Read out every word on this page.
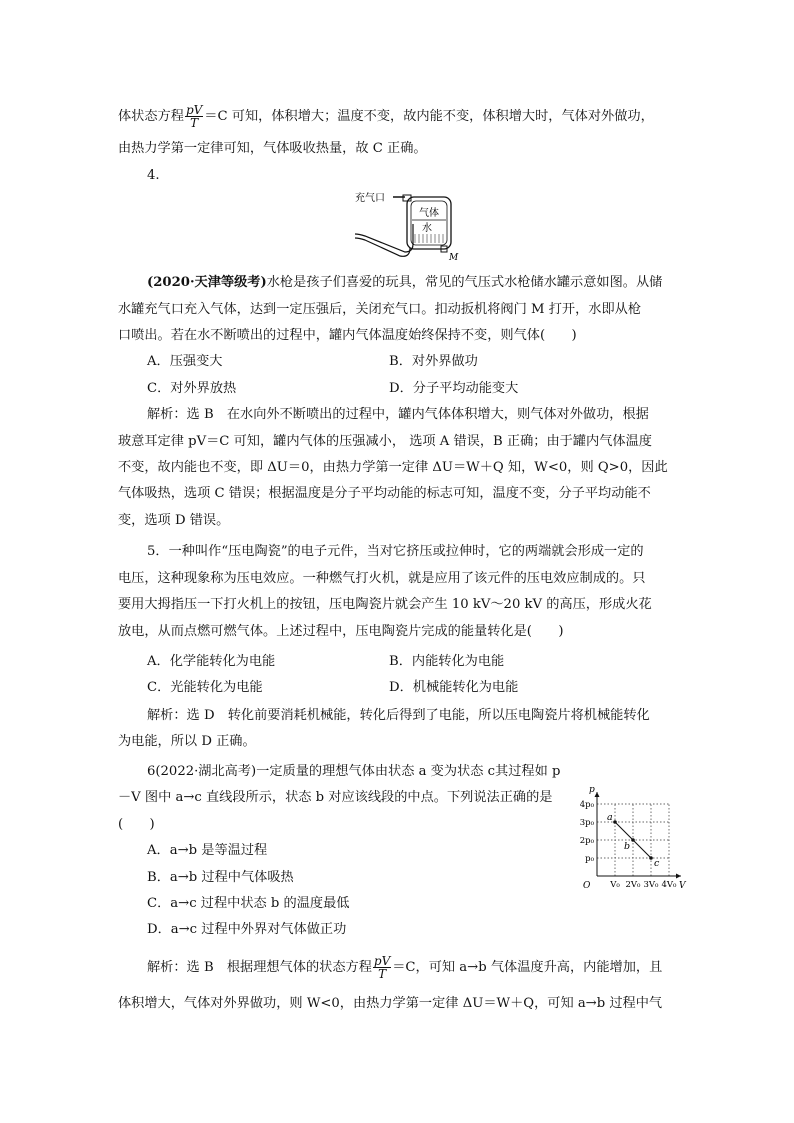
体状态方程 $\frac{pV}{T} =C$ 可知，体积增大；温度不变，故内能不变，体积增大时，气体对外做功，
由热力学第一定律可知，气体吸收热量，故 C 正确。
4.
充气口
气体
水
M
(2020·天津等级考)水枪是孩子们喜爱的玩具，常见的气压式水枪储水罐示意如图。从储
水罐充气口充入气体，达到一定压强后，关闭充气口。扣动扳机将阀门 M 打开，水即从枪
口喷出。若在水不断喷出的过程中，罐内气体温度始终保持不变，则气体(　　)
A．压强变大	B．对外界做功
C．对外界放热	D．分子平均动能变大
解析：选 B　在水向外不断喷出的过程中，罐内气体体积增大，则气体对外做功，根据
玻意耳定律 pV＝C 可知，罐内气体的压强减小， 选项 A 错误，B 正确；由于罐内气体温度
不变，故内能也不变，即 ΔU＝0，由热力学第一定律 ΔU＝W＋Q 知，W<0，则 Q>0，因此
气体吸热，选项 C 错误；根据温度是分子平均动能的标志可知，温度不变，分子平均动能不
变，选项 D 错误。
5．一种叫作“压电陶瓷”的电子元件，当对它挤压或拉伸时，它的两端就会形成一定的
电压，这种现象称为压电效应。一种燃气打火机，就是应用了该元件的压电效应制成的。只
要用大拇指压一下打火机上的按钮，压电陶瓷片就会产生 10 kV～20 kV 的高压，形成火花
放电，从而点燃可燃气体。上述过程中，压电陶瓷片完成的能量转化是(　　)
A．化学能转化为电能	B．内能转化为电能
C．光能转化为电能	D．机械能转化为电能
解析：选 D　转化前要消耗机械能，转化后得到了电能，所以压电陶瓷片将机械能转化
为电能，所以 D 正确。
6(2022·湖北高考)一定质量的理想气体由状态 a 变为状态 c其过程如 p
－V 图中 a→c 直线段所示，状态 b 对应该线段的中点。下列说法正确的是
(　　)
A．a→b 是等温过程
B．a→b 过程中气体吸热
C．a→c 过程中状态 b 的温度最低
D．a→c 过程中外界对气体做正功
V
p
O V₀ 2V₀ 3V₀ 4V₀
p₀
2p₀
3p₀
4p₀
a
b
c
解析：选 B　根据理想气体的状态方程 $\frac{pV}{T} =C$，可知 a→b 气体温度升高，内能增加，且
体积增大，气体对外界做功，则 W<0，由热力学第一定律 ΔU＝W＋Q，可知 a→b 过程中气
